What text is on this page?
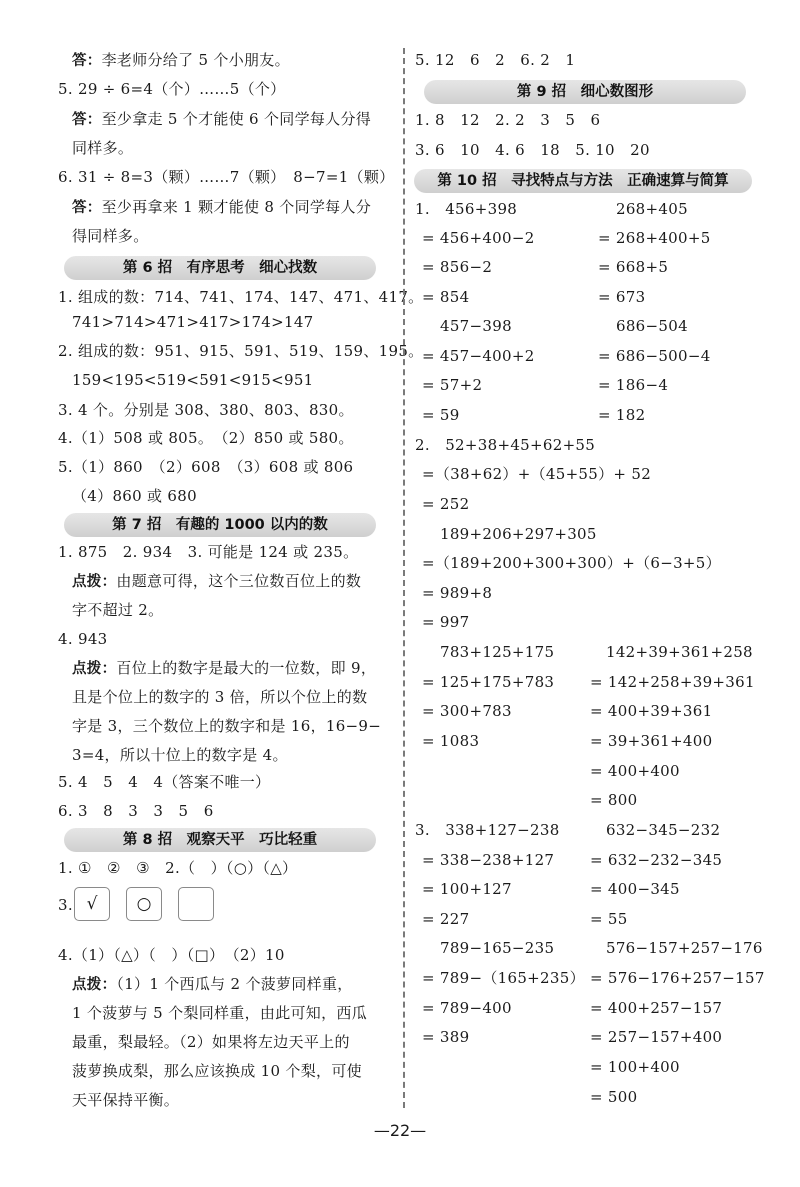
答：李老师分给了 5 个小朋友。
5. 29 ÷ 6=4（个）……5（个）
答：至少拿走 5 个才能使 6 个同学每人分得
同样多。
6. 31 ÷ 8=3（颗）……7（颗）　8−7=1（颗）
答：至少再拿来 1 颗才能使 8 个同学每人分
得同样多。
第 6 招　有序思考　细心找数
1. 组成的数：714、741、174、147、471、417。
741>714>471>417>174>147
2. 组成的数：951、915、591、519、159、195。
159<195<519<591<915<951
3. 4 个。分别是 308、380、803、830。
4.（1）508 或 805。　（2）850 或 580。
5.（1）860　（2）608　（3）608 或 806
（4）860 或 680
第 7 招　有趣的 1000 以内的数
1. 875　2. 934　3. 可能是 124 或 235。
点拨：由题意可得，这个三位数百位上的数
字不超过 2。
4. 943
点拨：百位上的数字是最大的一位数，即 9，
且是个位上的数字的 3 倍，所以个位上的数
字是 3，三个数位上的数字和是 16，16−9−
3=4，所以十位上的数字是 4。
5. 4　5　4　4（答案不唯一）
6. 3　8　3　3　5　6
第 8 招　观察天平　巧比轻重
1. ①　②　③　2.（　）（○）（△）
3. √	○
4.（1）（△）（　）（□）　（2）10
点拨：（1）1 个西瓜与 2 个菠萝同样重，
1 个菠萝与 5 个梨同样重，由此可知，西瓜
最重，梨最轻。（2）如果将左边天平上的
菠萝换成梨，那么应该换成 10 个梨，可使
天平保持平衡。
5. 12　6　2　6. 2　1
第 9 招　细心数图形
1. 8　12　2. 2　3　5　6
3. 6　10　4. 6　18　5. 10　20
第 10 招　寻找特点与方法　正确速算与简算
1.　456+398
= 456+400−2
= 856−2
= 854
268+405
= 268+400+5
= 668+5
= 673
457−398
= 457−400+2
= 57+2
= 59
686−504
= 686−500−4
= 186−4
= 182
2.　52+38+45+62+55
=（38+62）+（45+55）+ 52
= 252
189+206+297+305
=（189+200+300+300）+（6−3+5）
= 989+8
= 997
783+125+175
= 125+175+783
= 300+783
= 1083
142+39+361+258
= 142+258+39+361
= 400+39+361
= 39+361+400
= 400+400
= 800
3.　338+127−238
= 338−238+127
= 100+127
= 227
632−345−232
= 632−232−345
= 400−345
= 55
789−165−235
= 789−（165+235）
= 789−400
= 389
576−157+257−176
= 576−176+257−157
= 400+257−157
= 257−157+400
= 100+400
= 500
—22—
